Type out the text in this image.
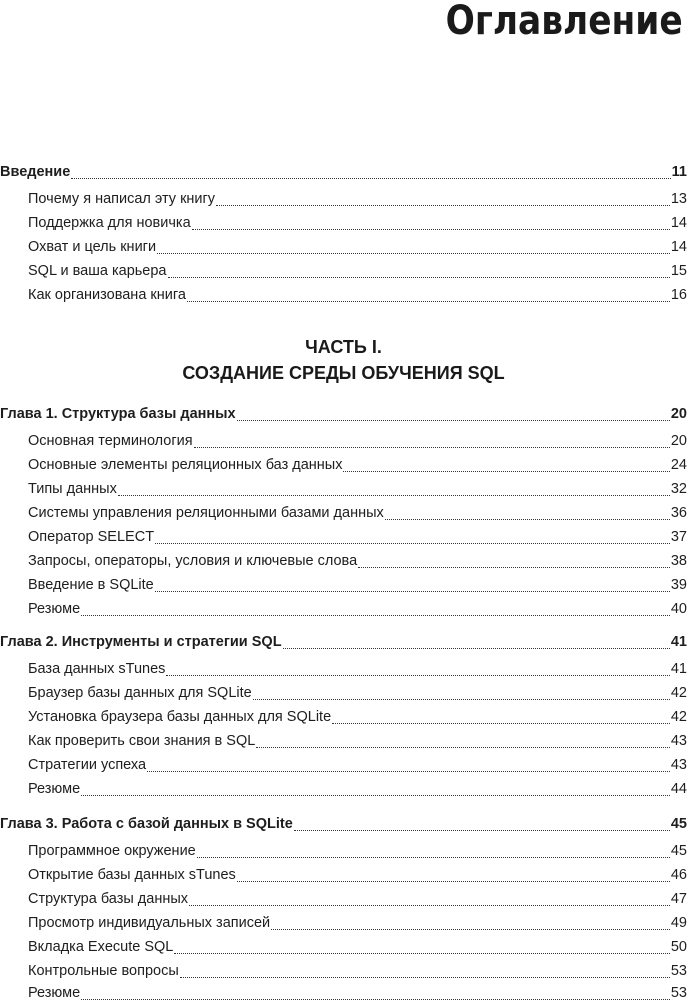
Оглавление
Введение	11
Почему я написал эту книгу	13
Поддержка для новичка	14
Охват и цель книги	14
SQL и ваша карьера	15
Как организована книга	16
ЧАСТЬ I.
СОЗДАНИЕ СРЕДЫ ОБУЧЕНИЯ SQL
Глава 1. Структура базы данных	20
Основная терминология	20
Основные элементы реляционных баз данных	24
Типы данных	32
Системы управления реляционными базами данных	36
Оператор SELECT	37
Запросы, операторы, условия и ключевые слова	38
Введение в SQLite	39
Резюме	40
Глава 2. Инструменты и стратегии SQL	41
База данных sTunes	41
Браузер базы данных для SQLite	42
Установка браузера базы данных для SQLite	42
Как проверить свои знания в SQL	43
Стратегии успеха	43
Резюме	44
Глава 3. Работа с базой данных в SQLite	45
Программное окружение	45
Открытие базы данных sTunes	46
Структура базы данных	47
Просмотр индивидуальных записей	49
Вкладка Execute SQL	50
Контрольные вопросы	53
Резюме	53
